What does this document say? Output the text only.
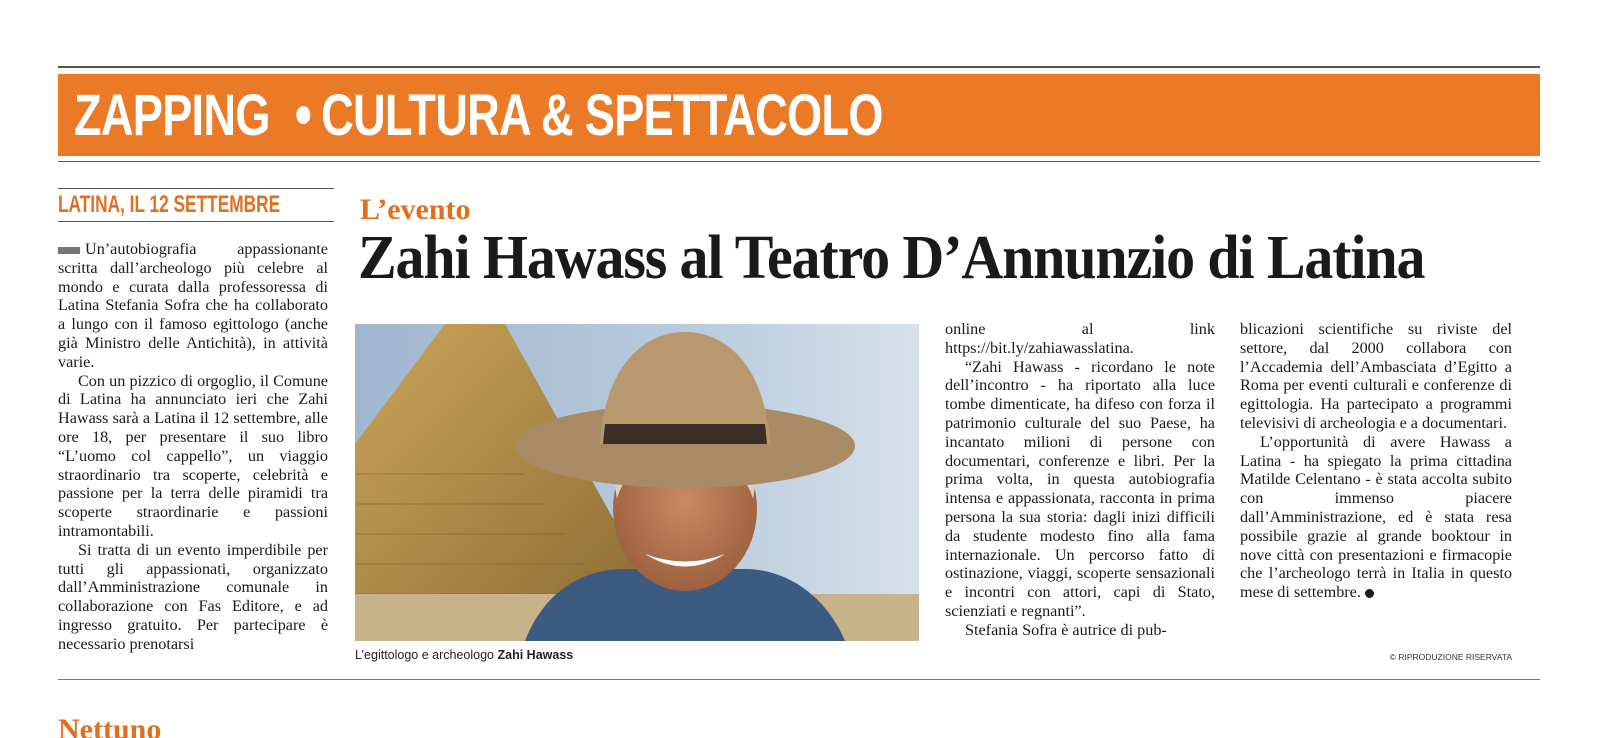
ZAPPING CULTURA & SPETTACOLO
LATINA, IL 12 SETTEMBRE	L’evento
Zahi Hawass al Teatro D’Annunzio di Latina

Un’autobiografia appassionante scritta dall’archeologo più celebre al mondo e curata dalla professoressa di Latina Stefania Sofra che ha collaborato a lungo con il famoso egittologo (anche già Ministro delle Antichità), in attività varie.

Con un pizzico di orgoglio, il Comune di Latina ha annunciato ieri che Zahi Hawass sarà a Latina il 12 settembre, alle ore 18, per presentare il suo libro “L’uomo col cappello”, un viaggio straordinario tra scoperte, celebrità e passione per la terra delle piramidi tra scoperte straordinarie e passioni intramontabili.

Si tratta di un evento imperdibile per tutti gli appassionati, organizzato dall’Amministrazione comunale in collaborazione con Fas Editore, e ad ingresso gratuito. Per partecipare è necessario prenotarsi

L’egittologo e archeologo Zahi Hawass

online al link https://bit.ly/zahiawasslatina.

“Zahi Hawass - ricordano le note dell’incontro - ha riportato alla luce tombe dimenticate, ha difeso con forza il patrimonio culturale del suo Paese, ha incantato milioni di persone con documentari, conferenze e libri. Per la prima volta, in questa autobiografia intensa e appassionata, racconta in prima persona la sua storia: dagli inizi difficili da studente modesto fino alla fama internazionale. Un percorso fatto di ostinazione, viaggi, scoperte sensazionali e incontri con attori, capi di Stato, scienziati e regnanti”.

Stefania Sofra è autrice di pub-

blicazioni scientifiche su riviste del settore, dal 2000 collabora con l’Accademia dell’Ambasciata d’Egitto a Roma per eventi culturali e conferenze di egittologia. Ha partecipato a programmi televisivi di archeologia e a documentari.

L’opportunità di avere Hawass a Latina - ha spiegato la prima cittadina Matilde Celentano - è stata accolta subito con immenso piacere dall’Amministrazione, ed è stata resa possibile grazie al grande booktour in nove città con presentazioni e firmacopie che l’archeologo terrà in Italia in questo mese di settembre.

© RIPRODUZIONE RISERVATA
Nettuno
